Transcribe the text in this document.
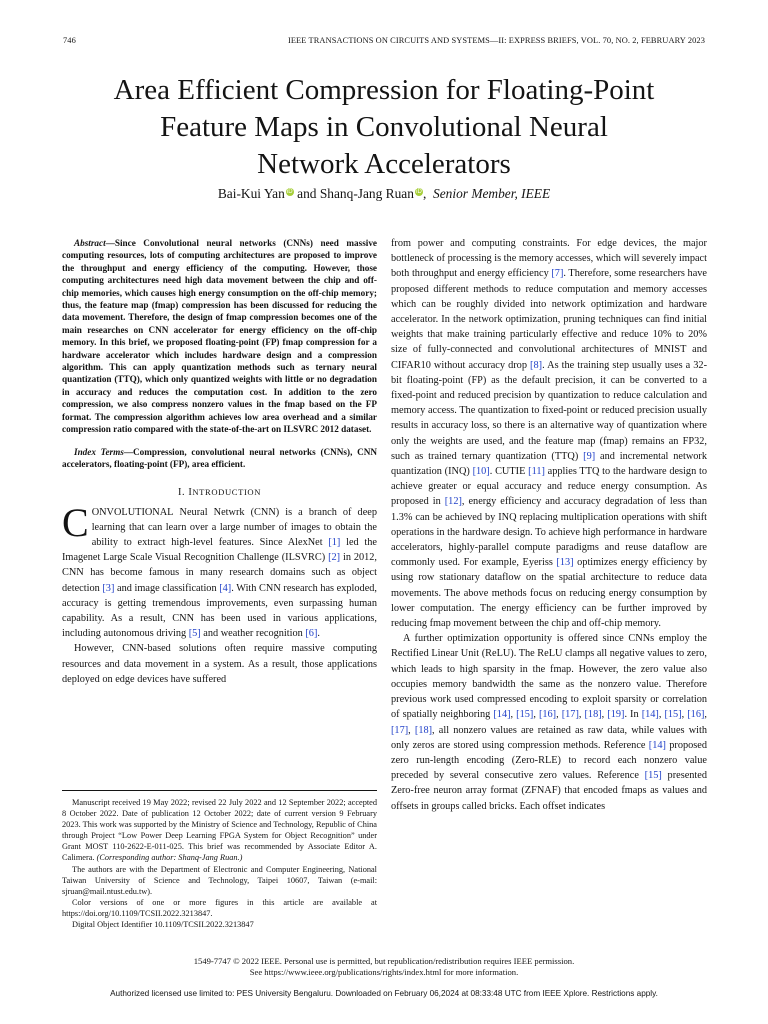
746	IEEE TRANSACTIONS ON CIRCUITS AND SYSTEMS—II: EXPRESS BRIEFS, VOL. 70, NO. 2, FEBRUARY 2023
Area Efficient Compression for Floating-Point
Feature Maps in Convolutional Neural
Network Accelerators
Bai-Kui Yan iD and Shanq-Jang Ruan iD,  Senior Member, IEEE

Abstract—Since Convolutional neural networks (CNNs) need massive computing resources, lots of computing architectures are proposed to improve the throughput and energy efficiency of the computing. However, those computing architectures need high data movement between the chip and off-chip memories, which causes high energy consumption on the off-chip memory; thus, the feature map (fmap) compression has been discussed for reducing the data movement. Therefore, the design of fmap compression becomes one of the main researches on CNN accelerator for energy efficiency on the off-chip memory. In this brief, we proposed floating-point (FP) fmap compression for a hardware accelerator which includes hardware design and a compression algorithm. This can apply quantization methods such as ternary neural quantization (TTQ), which only quantized weights with little or no degradation in accuracy and reduces the computation cost. In addition to the zero compression, we also compress nonzero values in the fmap based on the FP format. The compression algorithm achieves low area overhead and a similar compression ratio compared with the state-of-the-art on ILSVRC 2012 dataset.

Index Terms—Compression, convolutional neural networks (CNNs), CNN accelerators, floating-point (FP), area efficient.

I. INTRODUCTION

CONVOLUTIONAL Neural Netwrk (CNN) is a branch of deep learning that can learn over a large number of images to obtain the ability to extract high-level features. Since AlexNet [1] led the Imagenet Large Scale Visual Recognition Challenge (ILSVRC) [2] in 2012, CNN has become famous in many research domains such as object detection [3] and image classification [4]. With CNN research has exploded, accuracy is getting tremendous improvements, even surpassing human capability. As a result, CNN has been used in various applications, including autonomous driving [5] and weather recognition [6].

However, CNN-based solutions often require massive computing resources and data movement in a system. As a result, those applications deployed on edge devices have suffered

Manuscript received 19 May 2022; revised 22 July 2022 and 12 September 2022; accepted 8 October 2022. Date of publication 12 October 2022; date of current version 9 February 2023. This work was supported by the Ministry of Science and Technology, Republic of China through Project “Low Power Deep Learning FPGA System for Object Recognition” under Grant MOST 110-2622-E-011-025. This brief was recommended by Associate Editor A. Calimera. (Corresponding author: Shanq-Jang Ruan.)

The authors are with the Department of Electronic and Computer Engineering, National Taiwan University of Science and Technology, Taipei 10607, Taiwan (e-mail: sjruan@mail.ntust.edu.tw).

Color versions of one or more figures in this article are available at https://doi.org/10.1109/TCSII.2022.3213847.

Digital Object Identifier 10.1109/TCSII.2022.3213847

from power and computing constraints. For edge devices, the major bottleneck of processing is the memory accesses, which will severely impact both throughput and energy efficiency [7]. Therefore, some researchers have proposed different methods to reduce computation and memory accesses which can be roughly divided into network optimization and hardware accelerator. In the network optimization, pruning techniques can find initial weights that make training particularly effective and reduce 10% to 20% size of fully-connected and convolutional architectures of MNIST and CIFAR10 without accuracy drop [8]. As the training step usually uses a 32-bit floating-point (FP) as the default precision, it can be converted to a fixed-point and reduced precision by quantization to reduce calculation and memory access. The quantization to fixed-point or reduced precision usually results in accuracy loss, so there is an alternative way of quantization where only the weights are used, and the feature map (fmap) remains an FP32, such as trained ternary quantization (TTQ) [9] and incremental network quantization (INQ) [10]. CUTIE [11] applies TTQ to the hardware design to achieve greater or equal accuracy and reduce energy consumption. As proposed in [12], energy efficiency and accuracy degradation of less than 1.3% can be achieved by INQ replacing multiplication operations with shift operations in the hardware design. To achieve high performance in hardware accelerators, highly-parallel compute paradigms and reuse dataflow are commonly used. For example, Eyeriss [13] optimizes energy efficiency by using row stationary dataflow on the spatial architecture to reduce data movements. The above methods focus on reducing energy consumption by lower computation. The energy efficiency can be further improved by reducing fmap movement between the chip and off-chip memory.

A further optimization opportunity is offered since CNNs employ the Rectified Linear Unit (ReLU). The ReLU clamps all negative values to zero, which leads to high sparsity in the fmap. However, the zero value also occupies memory bandwidth the same as the nonzero value. Therefore previous work used compressed encoding to exploit sparsity or correlation of spatially neighboring [14], [15], [16], [17], [18], [19]. In [14], [15], [16], [17], [18], all nonzero values are retained as raw data, while values with only zeros are stored using compression methods. Reference [14] proposed zero run-length encoding (Zero-RLE) to record each nonzero value preceded by several consecutive zero values. Reference [15] presented Zero-free neuron array format (ZFNAF) that encoded fmaps as values and offsets in groups called bricks. Each offset indicates

1549-7747 © 2022 IEEE. Personal use is permitted, but republication/redistribution requires IEEE permission.
See https://www.ieee.org/publications/rights/index.html for more information.
Authorized licensed use limited to: PES University Bengaluru. Downloaded on February 06,2024 at 08:33:48 UTC from IEEE Xplore. Restrictions apply.
